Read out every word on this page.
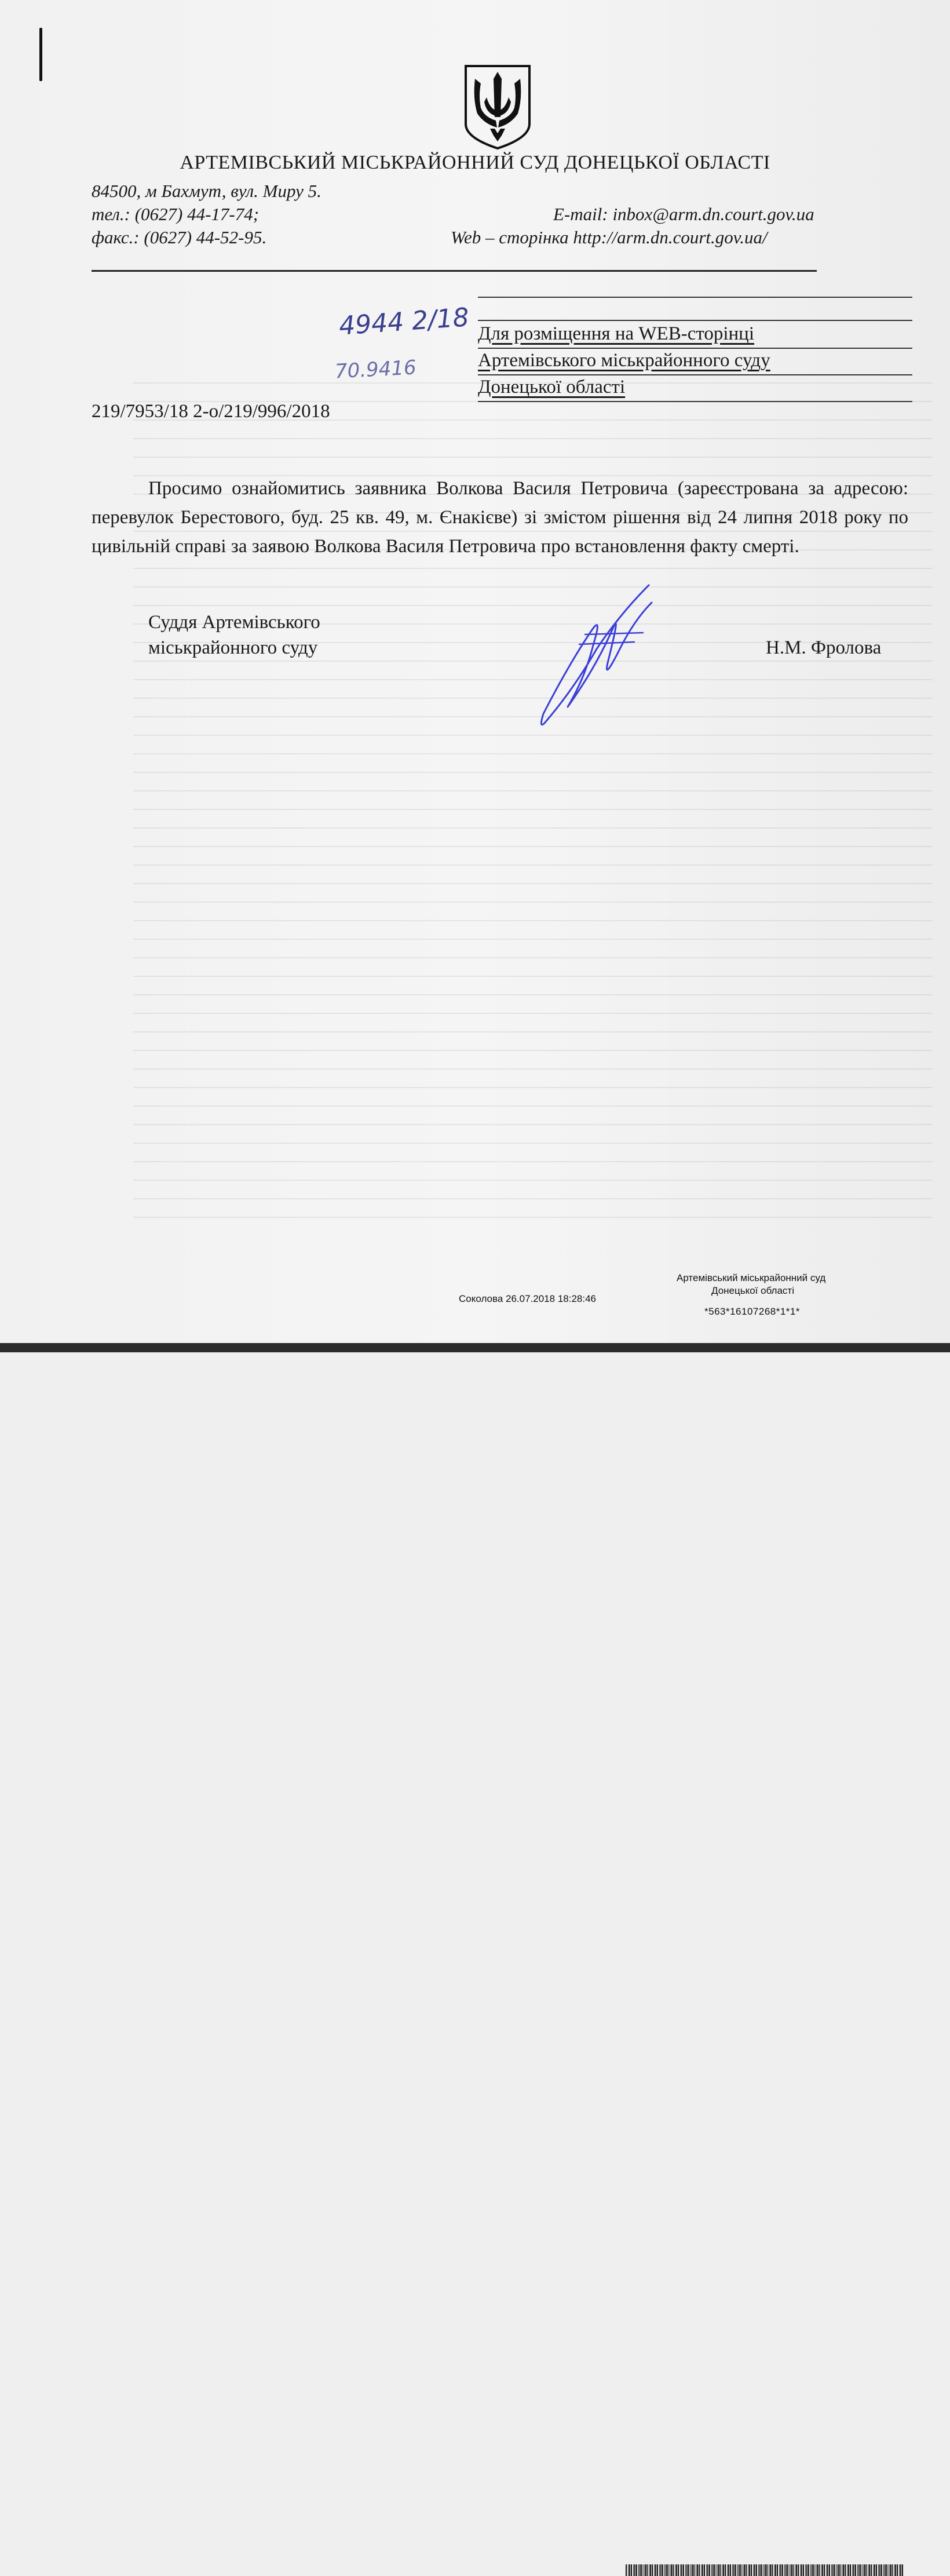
АРТЕМІВСЬКИЙ МІСЬКРАЙОННИЙ СУД ДОНЕЦЬКОЇ ОБЛАСТІ
84500, м Бахмут, вул. Миру 5.
тел.: (0627) 44-17-74;	E-mail: inbox@arm.dn.court.gov.ua
факс.: (0627) 44-52-95.	Web – сторінка http://arm.dn.court.gov.ua/
Для розміщення на WEB-сторінці
Артемівського міськрайонного суду
Донецької області
4944 2/18
70.9416
219/7953/18 2-о/219/996/2018
Просимо ознайомитись заявника Волкова Василя Петровича (зареєстрована за адресою: перевулок Берестового, буд. 25 кв. 49, м. Єнакієве) зі змістом рішення від 24 липня 2018 року по цивільній справі за заявою Волкова Василя Петровича про встановлення факту смерті.
Суддя Артемівського
міськрайонного суду	Н.М. Фролова
Артемівський міськрайонний суд
Донецької області
Соколова 26.07.2018 18:28:46
*563*16107268*1*1*
